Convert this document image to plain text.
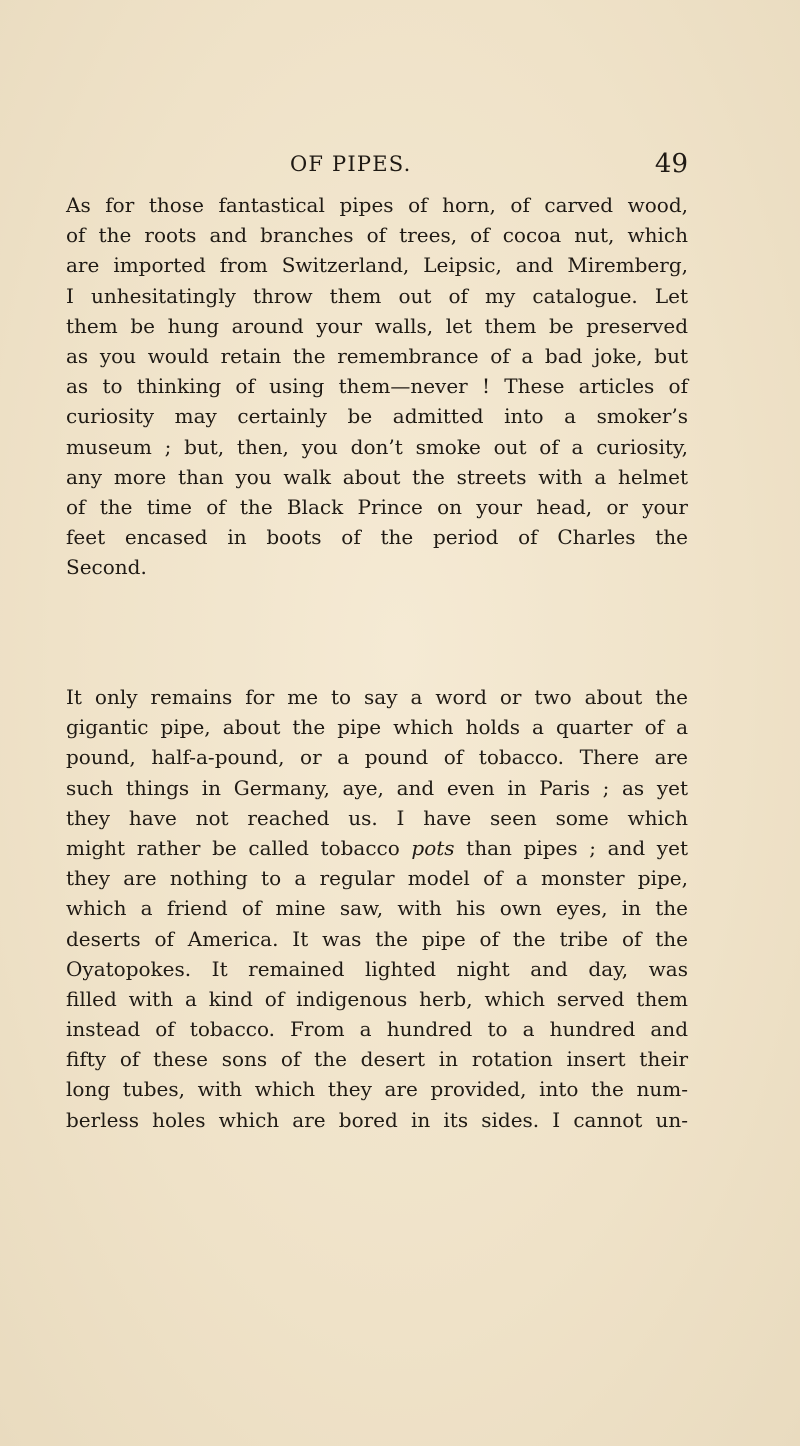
OF PIPES.	49
As for those fantastical pipes of horn, of carved wood,
of the roots and branches of trees, of cocoa nut, which
are imported from Switzerland, Leipsic, and Miremberg,
I unhesitatingly throw them out of my catalogue. Let
them be hung around your walls, let them be preserved
as you would retain the remembrance of a bad joke, but
as to thinking of using them—never ! These articles of
curiosity may certainly be admitted into a smoker’s
museum ; but, then, you don’t smoke out of a curiosity,
any more than you walk about the streets with a helmet
of the time of the Black Prince on your head, or your
feet encased in boots of the period of Charles the
Second.
It only remains for me to say a word or two about the
gigantic pipe, about the pipe which holds a quarter of a
pound, half-a-pound, or a pound of tobacco. There are
such things in Germany, aye, and even in Paris ; as yet
they have not reached us. I have seen some which
might rather be called tobacco pots than pipes ; and yet
they are nothing to a regular model of a monster pipe,
which a friend of mine saw, with his own eyes, in the
deserts of America. It was the pipe of the tribe of the
Oyatopokes. It remained lighted night and day, was
filled with a kind of indigenous herb, which served them
instead of tobacco. From a hundred to a hundred and
fifty of these sons of the desert in rotation insert their
long tubes, with which they are provided, into the num-
berless holes which are bored in its sides. I cannot un-
